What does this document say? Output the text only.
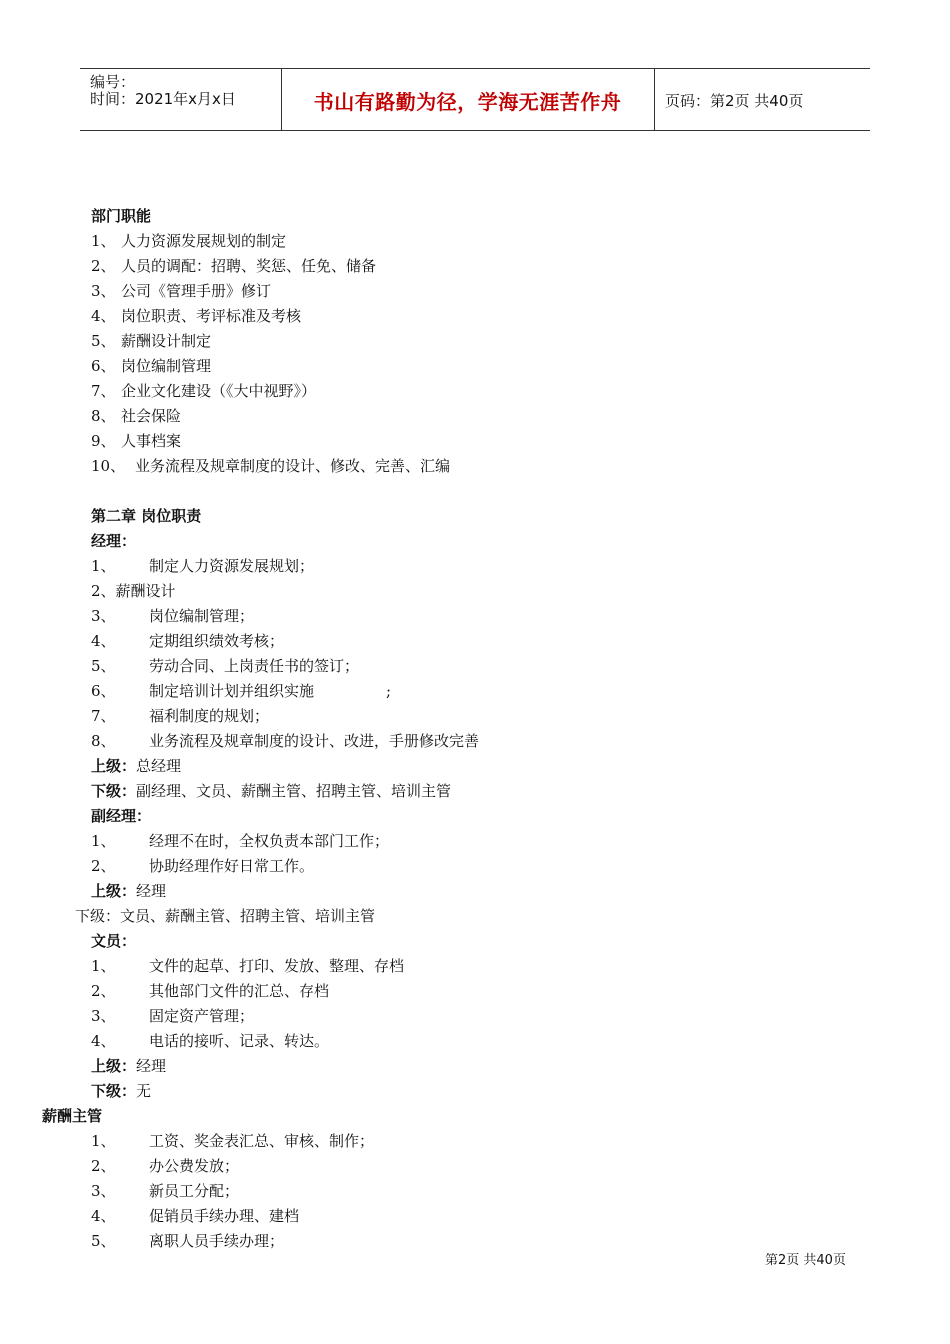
编号：
时间：2021年x月x日	书山有路勤为径，学海无涯苦作舟	页码：第2页 共40页
部门职能
1、 人力资源发展规划的制定
2、 人员的调配：招聘、奖惩、任免、储备
3、 公司《管理手册》修订
4、 岗位职责、考评标准及考核
5、 薪酬设计制定
6、 岗位编制管理
7、 企业文化建设（《大中视野》）
8、 社会保险
9、 人事档案
10、 业务流程及规章制度的设计、修改、完善、汇编
第二章 岗位职责
经理：
1、 制定人力资源发展规划；
2、薪酬设计
3、 岗位编制管理；
4、 定期组织绩效考核；
5、 劳动合同、上岗责任书的签订；
6、 制定培训计划并组织实施	;
7、 福利制度的规划；
8、 业务流程及规章制度的设计、改进，手册修改完善
上级：总经理
下级：副经理、文员、薪酬主管、招聘主管、培训主管
副经理：
1、 经理不在时，全权负责本部门工作；
2、 协助经理作好日常工作。
上级：经理
下级：文员、薪酬主管、招聘主管、培训主管
文员：
1、 文件的起草、打印、发放、整理、存档
2、 其他部门文件的汇总、存档
3、 固定资产管理；
4、 电话的接听、记录、转达。
上级：经理
下级：无
薪酬主管
1、 工资、奖金表汇总、审核、制作；
2、 办公费发放；
3、 新员工分配；
4、 促销员手续办理、建档
5、 离职人员手续办理；
第2页 共40页
